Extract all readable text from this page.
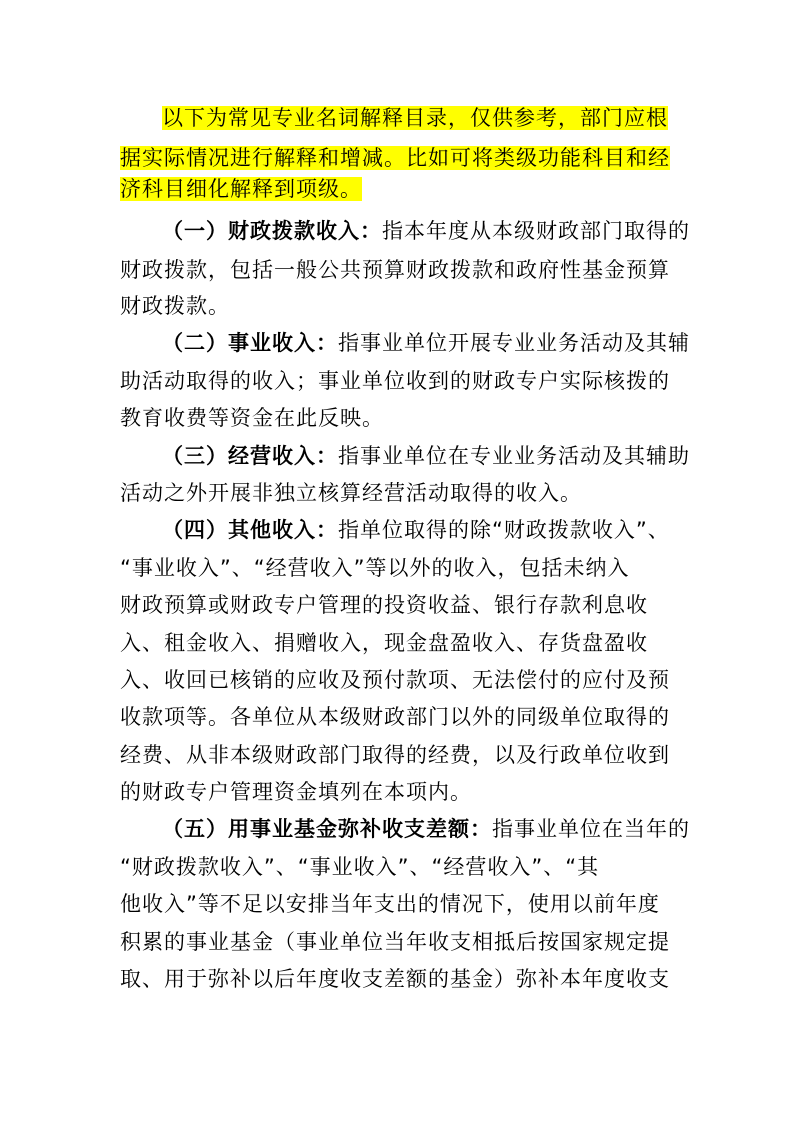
以下为常见专业名词解释目录，仅供参考，部门应根
据实际情况进行解释和增减。比如可将类级功能科目和经
济科目细化解释到项级。
（一）财政拨款收入：指本年度从本级财政部门取得的
财政拨款，包括一般公共预算财政拨款和政府性基金预算
财政拨款。
（二）事业收入：指事业单位开展专业业务活动及其辅
助活动取得的收入；事业单位收到的财政专户实际核拨的
教育收费等资金在此反映。
（三）经营收入：指事业单位在专业业务活动及其辅助
活动之外开展非独立核算经营活动取得的收入。
（四）其他收入：指单位取得的除“财政拨款收入”、
“事业收入”、“经营收入”等以外的收入，包括未纳入
财政预算或财政专户管理的投资收益、银行存款利息收
入、租金收入、捐赠收入，现金盘盈收入、存货盘盈收
入、收回已核销的应收及预付款项、无法偿付的应付及预
收款项等。各单位从本级财政部门以外的同级单位取得的
经费、从非本级财政部门取得的经费，以及行政单位收到
的财政专户管理资金填列在本项内。
（五）用事业基金弥补收支差额：指事业单位在当年的
“财政拨款收入”、“事业收入”、“经营收入”、“其
他收入”等不足以安排当年支出的情况下，使用以前年度
积累的事业基金（事业单位当年收支相抵后按国家规定提
取、用于弥补以后年度收支差额的基金）弥补本年度收支
